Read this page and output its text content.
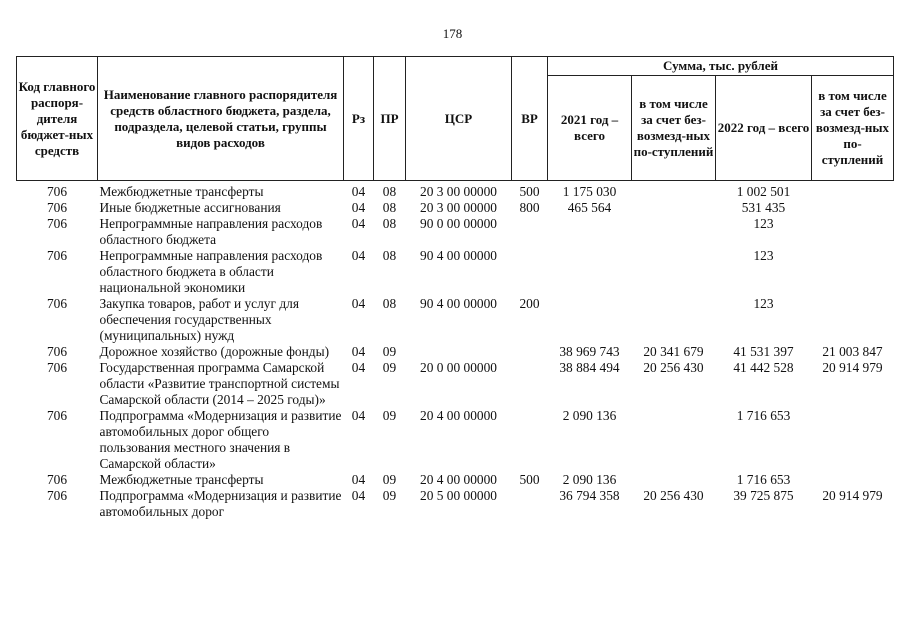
178
Код главного распоря-дителя бюджет-ных средств	Наименование главного распорядителя средств областного бюджета, раздела, подраздела, целевой статьи, группы видов расходов	Рз	ПР	ЦСР	ВР	Сумма, тыс. рублей			
						2021 год – всего	в том числе за счет без-возмезд-ных по-ступлений	2022 год – всего	в том числе за счет без-возмезд-ных по-ступлений
706	Межбюджетные трансферты	04	08	20 3 00 00000	500	1 175 030		1 002 501	
706	Иные бюджетные ассигнования	04	08	20 3 00 00000	800	465 564		531 435	
706	Непрограммные направления расходов областного бюджета	04	08	90 0 00 00000				123	
706	Непрограммные направления расходов областного бюджета в области национальной экономики	04	08	90 4 00 00000				123	
706	Закупка товаров, работ и услуг для обеспечения государственных (муниципальных) нужд	04	08	90 4 00 00000	200			123	
706	Дорожное хозяйство (дорожные фонды)	04	09			38 969 743	20 341 679	41 531 397	21 003 847
706	Государственная программа Самарской области «Развитие транспортной системы Самарской области (2014 – 2025 годы)»	04	09	20 0 00 00000		38 884 494	20 256 430	41 442 528	20 914 979
706	Подпрограмма «Модернизация и развитие автомобильных дорог общего пользования местного значения в Самарской области»	04	09	20 4 00 00000		2 090 136		1 716 653	
706	Межбюджетные трансферты	04	09	20 4 00 00000	500	2 090 136		1 716 653	
706	Подпрограмма «Модернизация и развитие автомобильных дорог	04	09	20 5 00 00000		36 794 358	20 256 430	39 725 875	20 914 979
